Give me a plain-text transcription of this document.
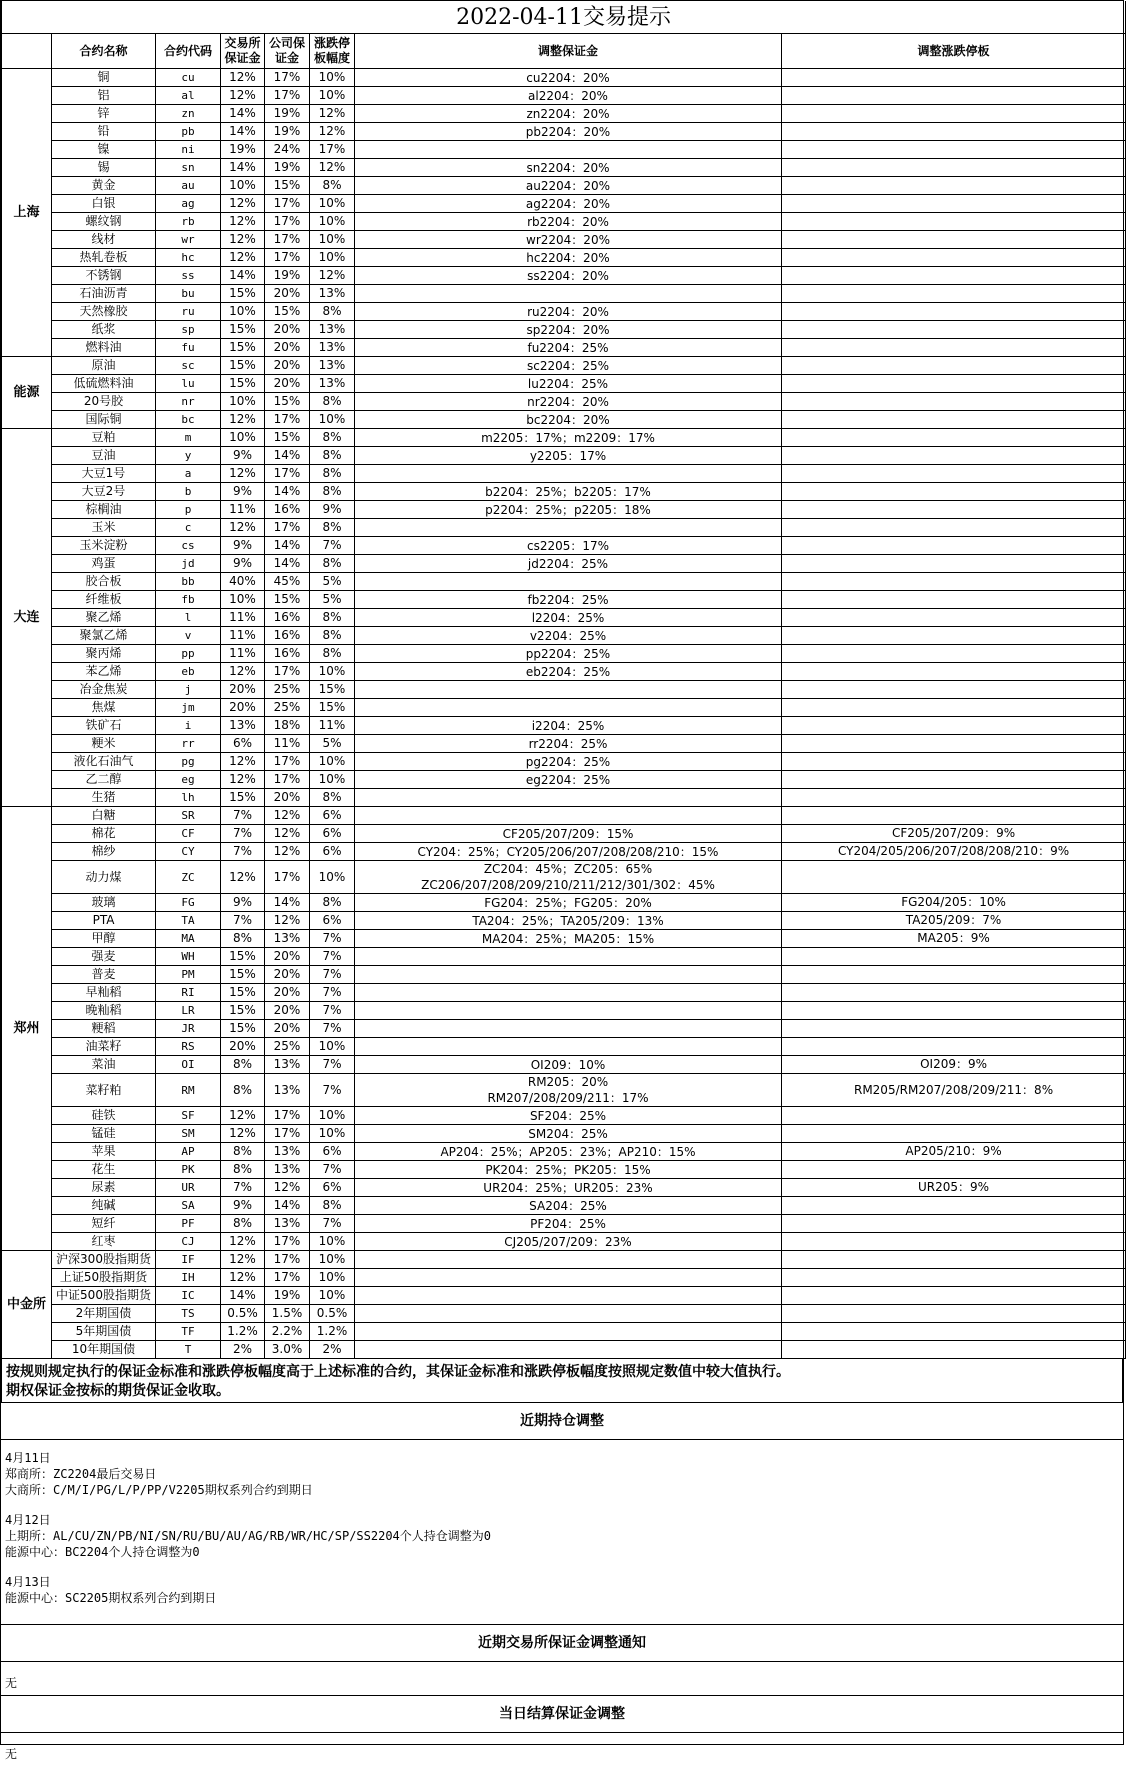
2022-04-11交易提示							
	合约名称	合约代码	交易所保证金	公司保证金	涨跌停板幅度	调整保证金	调整涨跌停板
上海	铜	cu	12%	17%	10%	cu2204：20%	

	铝	al	12%	17%	10%	al2204：20%	

	锌	zn	14%	19%	12%	zn2204：20%	

	铅	pb	14%	19%	12%	pb2204：20%	

	镍	ni	19%	24%	17%	

	锡	sn	14%	19%	12%	sn2204：20%	

	黄金	au	10%	15%	8%	au2204：20%	

	白银	ag	12%	17%	10%	ag2204：20%	

	螺纹钢	rb	12%	17%	10%	rb2204：20%	

	线材	wr	12%	17%	10%	wr2204：20%	

	热轧卷板	hc	12%	17%	10%	hc2204：20%	

	不锈钢	ss	14%	19%	12%	ss2204：20%	

	石油沥青	bu	15%	20%	13%	

	天然橡胶	ru	10%	15%	8%	ru2204：20%	

	纸浆	sp	15%	20%	13%	sp2204：20%	

	燃料油	fu	15%	20%	13%	fu2204：25%	

能源	原油	sc	15%	20%	13%	sc2204：25%	

	低硫燃料油	lu	15%	20%	13%	lu2204：25%	

	20号胶	nr	10%	15%	8%	nr2204：20%	

	国际铜	bc	12%	17%	10%	bc2204：20%	

大连	豆粕	m	10%	15%	8%	m2205：17%；m2209：17%	

	豆油	y	9%	14%	8%	y2205：17%	

	大豆1号	a	12%	17%	8%	

	大豆2号	b	9%	14%	8%	b2204：25%；b2205：17%	

	棕榈油	p	11%	16%	9%	p2204：25%；p2205：18%	

	玉米	c	12%	17%	8%	

	玉米淀粉	cs	9%	14%	7%	cs2205：17%	

	鸡蛋	jd	9%	14%	8%	jd2204：25%	

	胶合板	bb	40%	45%	5%	

	纤维板	fb	10%	15%	5%	fb2204：25%	

	聚乙烯	l	11%	16%	8%	l2204：25%	

	聚氯乙烯	v	11%	16%	8%	v2204：25%	

	聚丙烯	pp	11%	16%	8%	pp2204：25%	

	苯乙烯	eb	12%	17%	10%	eb2204：25%	

	冶金焦炭	j	20%	25%	15%	

	焦煤	jm	20%	25%	15%	

	铁矿石	i	13%	18%	11%	i2204：25%	

	粳米	rr	6%	11%	5%	rr2204：25%	

	液化石油气	pg	12%	17%	10%	pg2204：25%	

	乙二醇	eg	12%	17%	10%	eg2204：25%	

	生猪	lh	15%	20%	8%	

郑州	白糖	SR	7%	12%	6%	

	棉花	CF	7%	12%	6%	CF205/207/209：15%	CF205/207/209：9%
	棉纱	CY	7%	12%	6%	CY204：25%；CY205/206/207/208/208/210：15%	CY204/205/206/207/208/208/210：9%
	动力煤	ZC	12%	17%	10%	ZC204：45%；ZC205：65%
ZC206/207/208/209/210/211/212/301/302：45%	

	玻璃	FG	9%	14%	8%	FG204：25%；FG205：20%	FG204/205：10%
	PTA	TA	7%	12%	6%	TA204：25%；TA205/209：13%	TA205/209：7%
	甲醇	MA	8%	13%	7%	MA204：25%；MA205：15%	MA205：9%
	强麦	WH	15%	20%	7%	

	普麦	PM	15%	20%	7%	

	早籼稻	RI	15%	20%	7%	

	晚籼稻	LR	15%	20%	7%	

	粳稻	JR	15%	20%	7%	

	油菜籽	RS	20%	25%	10%	

	菜油	OI	8%	13%	7%	OI209：10%	OI209：9%
	菜籽粕	RM	8%	13%	7%	RM205：20%
RM207/208/209/211：17%	RM205/RM207/208/209/211：8%
	硅铁	SF	12%	17%	10%	SF204：25%	

	锰硅	SM	12%	17%	10%	SM204：25%	

	苹果	AP	8%	13%	6%	AP204：25%；AP205：23%；AP210：15%	AP205/210：9%
	花生	PK	8%	13%	7%	PK204：25%；PK205：15%	

	尿素	UR	7%	12%	6%	UR204：25%；UR205：23%	UR205：9%
	纯碱	SA	9%	14%	8%	SA204：25%	

	短纤	PF	8%	13%	7%	PF204：25%	

	红枣	CJ	12%	17%	10%	CJ205/207/209：23%	

中金所	沪深300股指期货	IF	12%	17%	10%	

	上证50股指期货	IH	12%	17%	10%	

	中证500股指期货	IC	14%	19%	10%	

	2年期国债	TS	0.5%	1.5%	0.5%	

	5年期国债	TF	1.2%	2.2%	1.2%	

	10年期国债	T	2%	3.0%	2%	

按规则规定执行的保证金标准和涨跌停板幅度高于上述标准的合约，其保证金标准和涨跌停板幅度按照规定数值中较大值执行。
期权保证金按标的期货保证金收取。
近期持仓调整
4月11日
郑商所：ZC2204最后交易日
大商所：C/M/I/PG/L/P/PP/V2205期权系列合约到期日
4月12日
上期所：AL/CU/ZN/PB/NI/SN/RU/BU/AU/AG/RB/WR/HC/SP/SS2204个人持仓调整为0
能源中心：BC2204个人持仓调整为0
4月13日
能源中心：SC2205期权系列合约到期日
近期交易所保证金调整通知
无
当日结算保证金调整
无
